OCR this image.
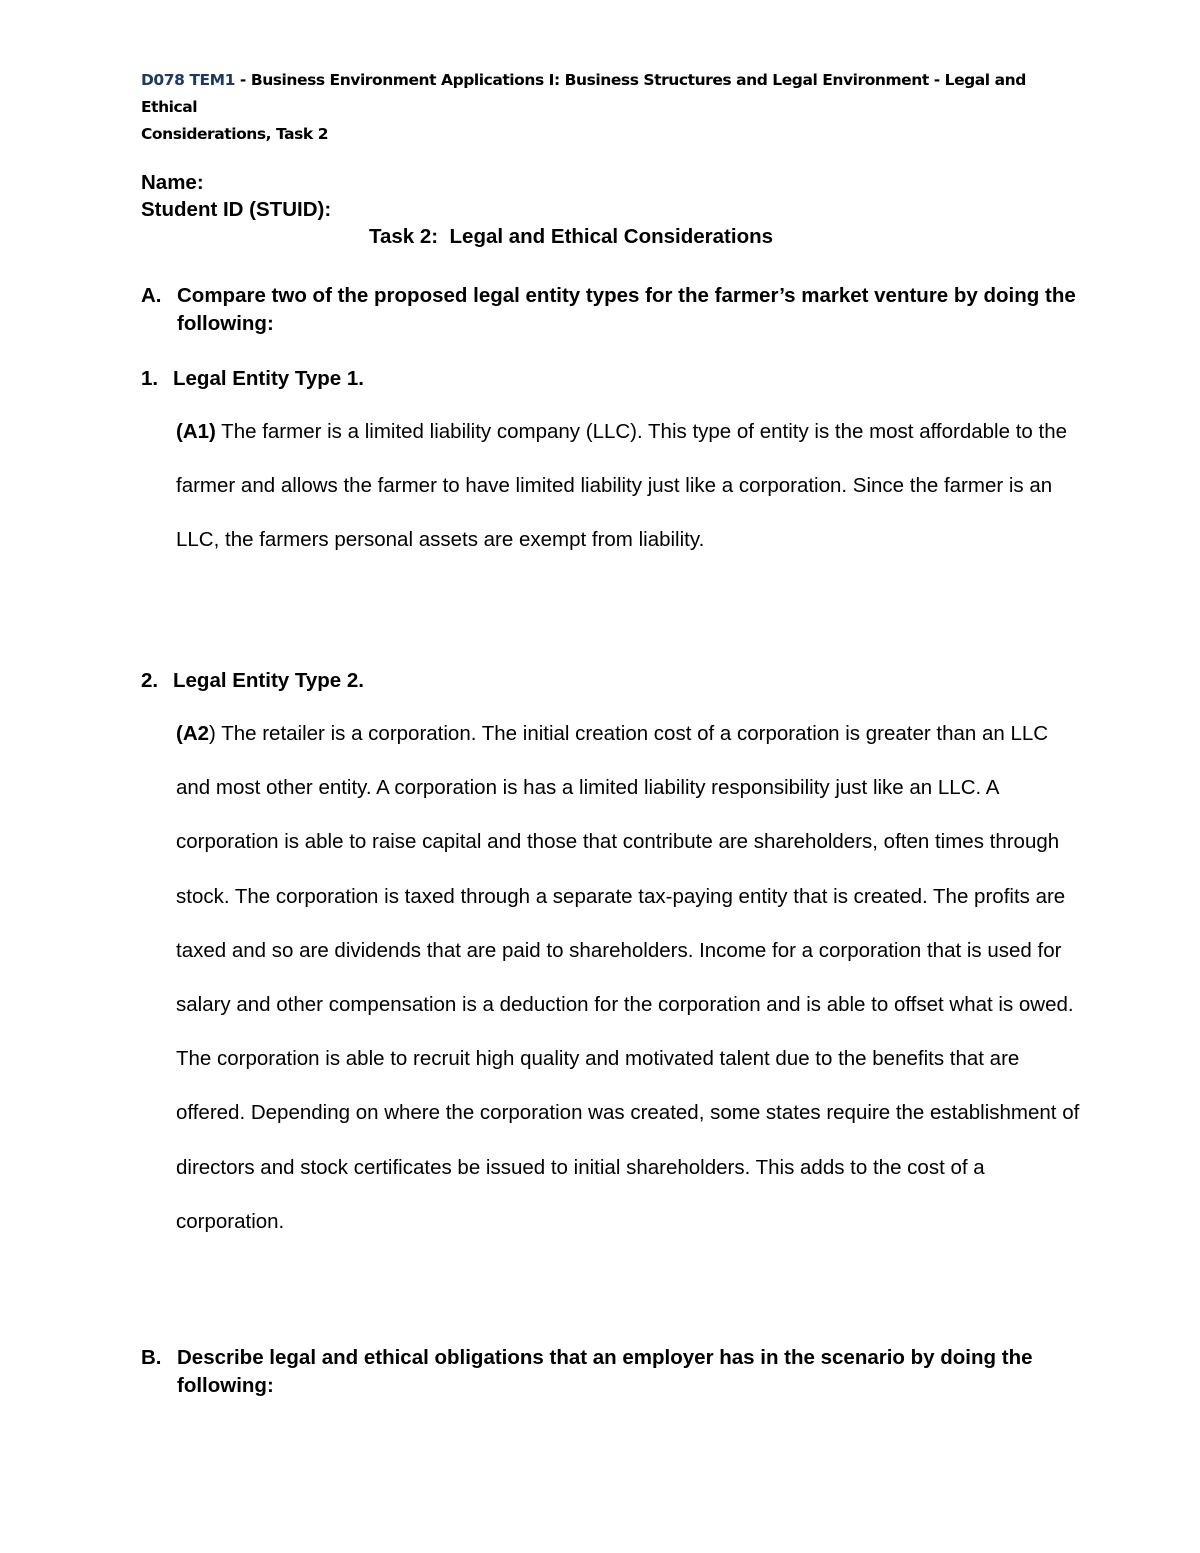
D078 TEM1 - Business Environment Applications I: Business Structures and Legal Environment - Legal and Ethical
Considerations, Task 2
Name:
Student ID (STUID):
Task 2:  Legal and Ethical Considerations
A. Compare two of the proposed legal entity types for the farmer’s market venture by doing the following:
1. Legal Entity Type 1.
(A1) The farmer is a limited liability company (LLC). This type of entity is the most affordable to the farmer and allows the farmer to have limited liability just like a corporation. Since the farmer is an LLC, the farmers personal assets are exempt from liability.
2. Legal Entity Type 2.
(A2) The retailer is a corporation. The initial creation cost of a corporation is greater than an LLC and most other entity. A corporation is has a limited liability responsibility just like an LLC. A corporation is able to raise capital and those that contribute are shareholders, often times through stock. The corporation is taxed through a separate tax-paying entity that is created. The profits are taxed and so are dividends that are paid to shareholders. Income for a corporation that is used for salary and other compensation is a deduction for the corporation and is able to offset what is owed. The corporation is able to recruit high quality and motivated talent due to the benefits that are offered. Depending on where the corporation was created, some states require the establishment of directors and stock certificates be issued to initial shareholders. This adds to the cost of a corporation.
B. Describe legal and ethical obligations that an employer has in the scenario by doing the following:
